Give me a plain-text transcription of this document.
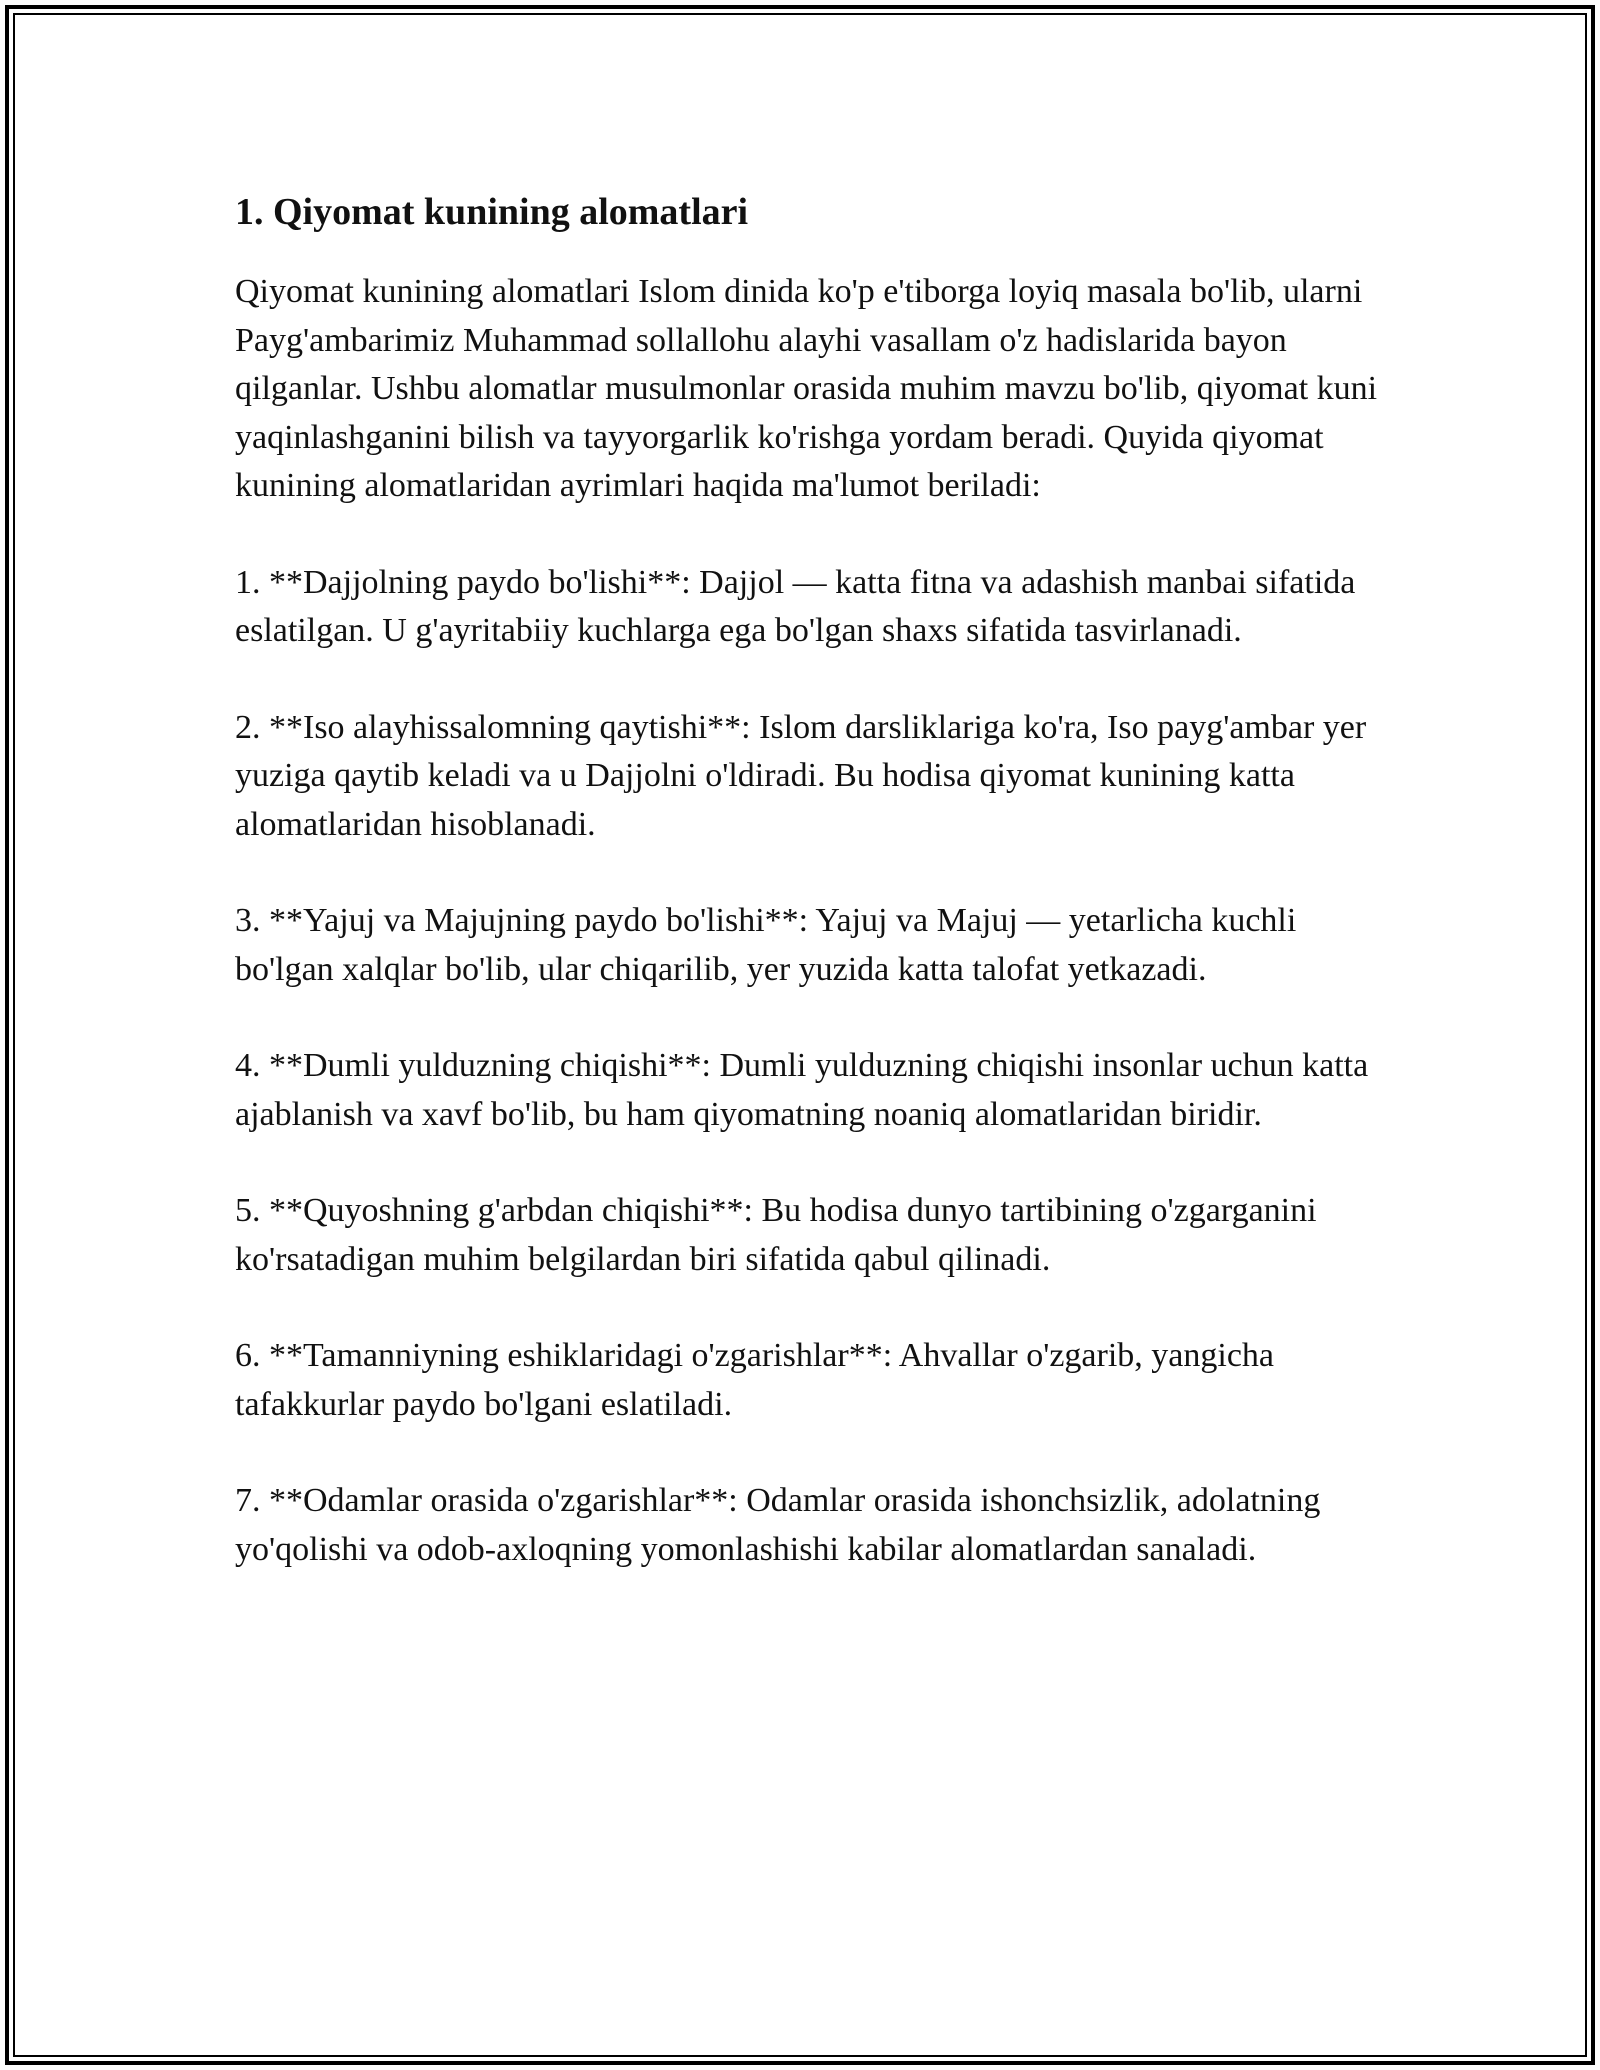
1. Qiyomat kunining alomatlari

Qiyomat kunining alomatlari Islom dinida ko'p e'tiborga loyiq masala bo'lib, ularni Payg'ambarimiz Muhammad sollallohu alayhi vasallam o'z hadislarida bayon qilganlar. Ushbu alomatlar musulmonlar orasida muhim mavzu bo'lib, qiyomat kuni yaqinlashganini bilish va tayyorgarlik ko'rishga yordam beradi. Quyida qiyomat kunining alomatlaridan ayrimlari haqida ma'lumot beriladi:

1. **Dajjolning paydo bo'lishi**: Dajjol — katta fitna va adashish manbai sifatida eslatilgan. U g'ayritabiiy kuchlarga ega bo'lgan shaxs sifatida tasvirlanadi.

2. **Iso alayhissalomning qaytishi**: Islom darsliklariga ko'ra, Iso payg'ambar yer yuziga qaytib keladi va u Dajjolni o'ldiradi. Bu hodisa qiyomat kunining katta alomatlaridan hisoblanadi.

3. **Yajuj va Majujning paydo bo'lishi**: Yajuj va Majuj — yetarlicha kuchli bo'lgan xalqlar bo'lib, ular chiqarilib, yer yuzida katta talofat yetkazadi.

4. **Dumli yulduzning chiqishi**: Dumli yulduzning chiqishi insonlar uchun katta ajablanish va xavf bo'lib, bu ham qiyomatning noaniq alomatlaridan biridir.

5. **Quyoshning g'arbdan chiqishi**: Bu hodisa dunyo tartibining o'zgarganini ko'rsatadigan muhim belgilardan biri sifatida qabul qilinadi.

6. **Tamanniyning eshiklaridagi o'zgarishlar**: Ahvallar o'zgarib, yangicha tafakkurlar paydo bo'lgani eslatiladi.

7. **Odamlar orasida o'zgarishlar**: Odamlar orasida ishonchsizlik, adolatning yo'qolishi va odob-axloqning yomonlashishi kabilar alomatlardan sanaladi.
